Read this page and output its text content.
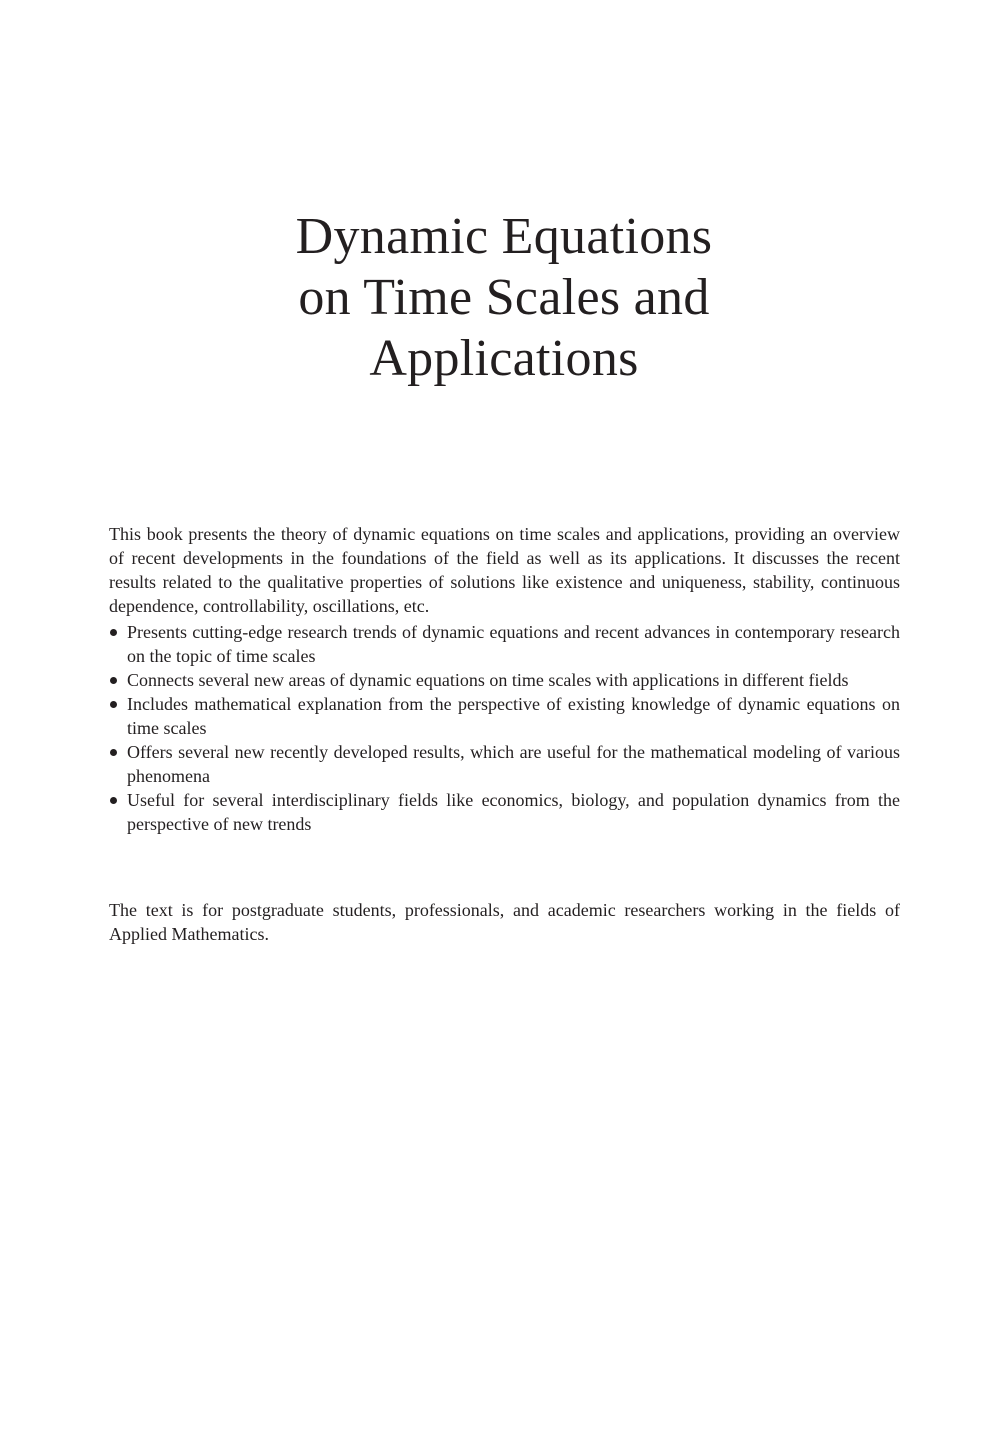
Dynamic Equations
on Time Scales and
Applications

This book presents the theory of dynamic equations on time scales and applications, providing an overview of recent developments in the foundations of the field as well as its applications. It discusses the recent results related to the qualitative properties of solutions like existence and uniqueness, stability, continuous dependence, controllability, oscillations, etc.

Presents cutting-edge research trends of dynamic equations and recent advances in contemporary research on the topic of time scales
Connects several new areas of dynamic equations on time scales with applications in different fields
Includes mathematical explanation from the perspective of existing knowledge of dynamic equations on time scales
Offers several new recently developed results, which are useful for the mathematical modeling of various phenomena
Useful for several interdisciplinary fields like economics, biology, and population dynamics from the perspective of new trends

The text is for postgraduate students, professionals, and academic researchers working in the fields of Applied Mathematics.
